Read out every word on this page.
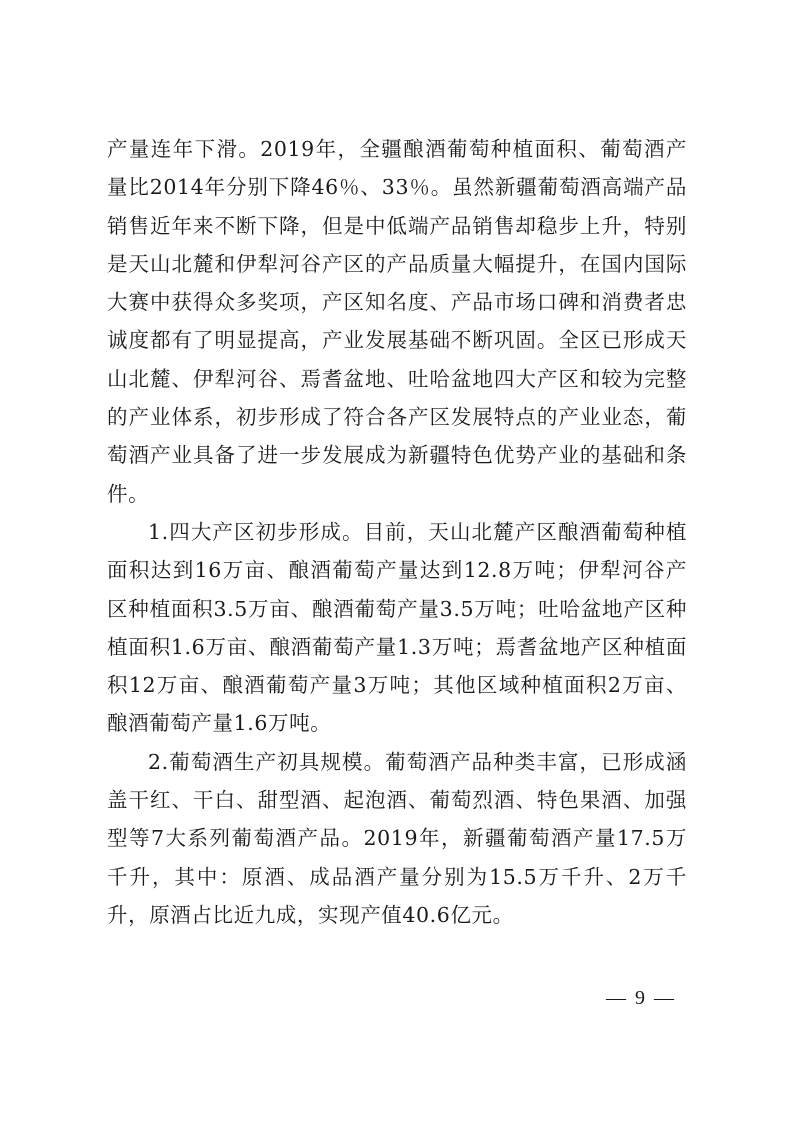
产量连年下滑。2019年，全疆酿酒葡萄种植面积、葡萄酒产量比2014年分别下降46％、33％。虽然新疆葡萄酒高端产品销售近年来不断下降，但是中低端产品销售却稳步上升，特别是天山北麓和伊犁河谷产区的产品质量大幅提升，在国内国际大赛中获得众多奖项，产区知名度、产品市场口碑和消费者忠诚度都有了明显提高，产业发展基础不断巩固。全区已形成天山北麓、伊犁河谷、焉耆盆地、吐哈盆地四大产区和较为完整的产业体系，初步形成了符合各产区发展特点的产业业态，葡萄酒产业具备了进一步发展成为新疆特色优势产业的基础和条件。

1.四大产区初步形成。目前，天山北麓产区酿酒葡萄种植面积达到16万亩、酿酒葡萄产量达到12.8万吨；伊犁河谷产区种植面积3.5万亩、酿酒葡萄产量3.5万吨；吐哈盆地产区种植面积1.6万亩、酿酒葡萄产量1.3万吨；焉耆盆地产区种植面积12万亩、酿酒葡萄产量3万吨；其他区域种植面积2万亩、酿酒葡萄产量1.6万吨。

2.葡萄酒生产初具规模。葡萄酒产品种类丰富，已形成涵盖干红、干白、甜型酒、起泡酒、葡萄烈酒、特色果酒、加强型等7大系列葡萄酒产品。2019年，新疆葡萄酒产量17.5万千升，其中：原酒、成品酒产量分别为15.5万千升、2万千升，原酒占比近九成，实现产值40.6亿元。

— 9 —
